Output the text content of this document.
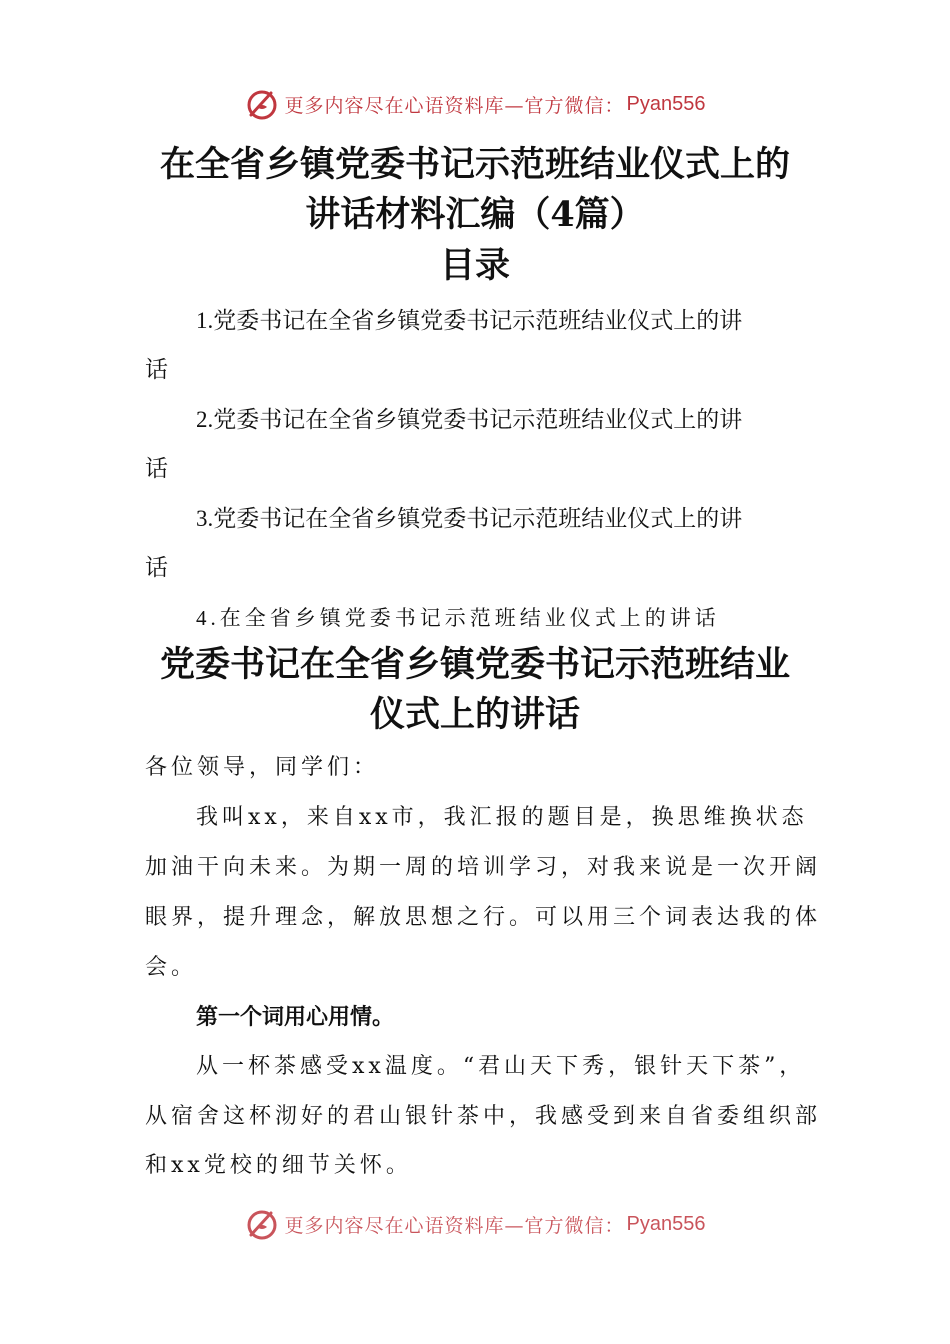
更多内容尽在心语资料库—官方微信： Pyan556
在全省乡镇党委书记示范班结业仪式上的
讲话材料汇编（4篇）
目录
1.党委书记在全省乡镇党委书记示范班结业仪式上的讲
话
2.党委书记在全省乡镇党委书记示范班结业仪式上的讲
话
3.党委书记在全省乡镇党委书记示范班结业仪式上的讲
话
4.在全省乡镇党委书记示范班结业仪式上的讲话
党委书记在全省乡镇党委书记示范班结业
仪式上的讲话
各位领导，同学们：
我叫xx，来自xx市，我汇报的题目是，换思维换状态
加油干向未来。为期一周的培训学习，对我来说是一次开阔
眼界，提升理念，解放思想之行。可以用三个词表达我的体
会。
第一个词用心用情。
从一杯茶感受xx温度。“君山天下秀，银针天下茶”，
从宿舍这杯沏好的君山银针茶中，我感受到来自省委组织部
和xx党校的细节关怀。
更多内容尽在心语资料库—官方微信： Pyan556
